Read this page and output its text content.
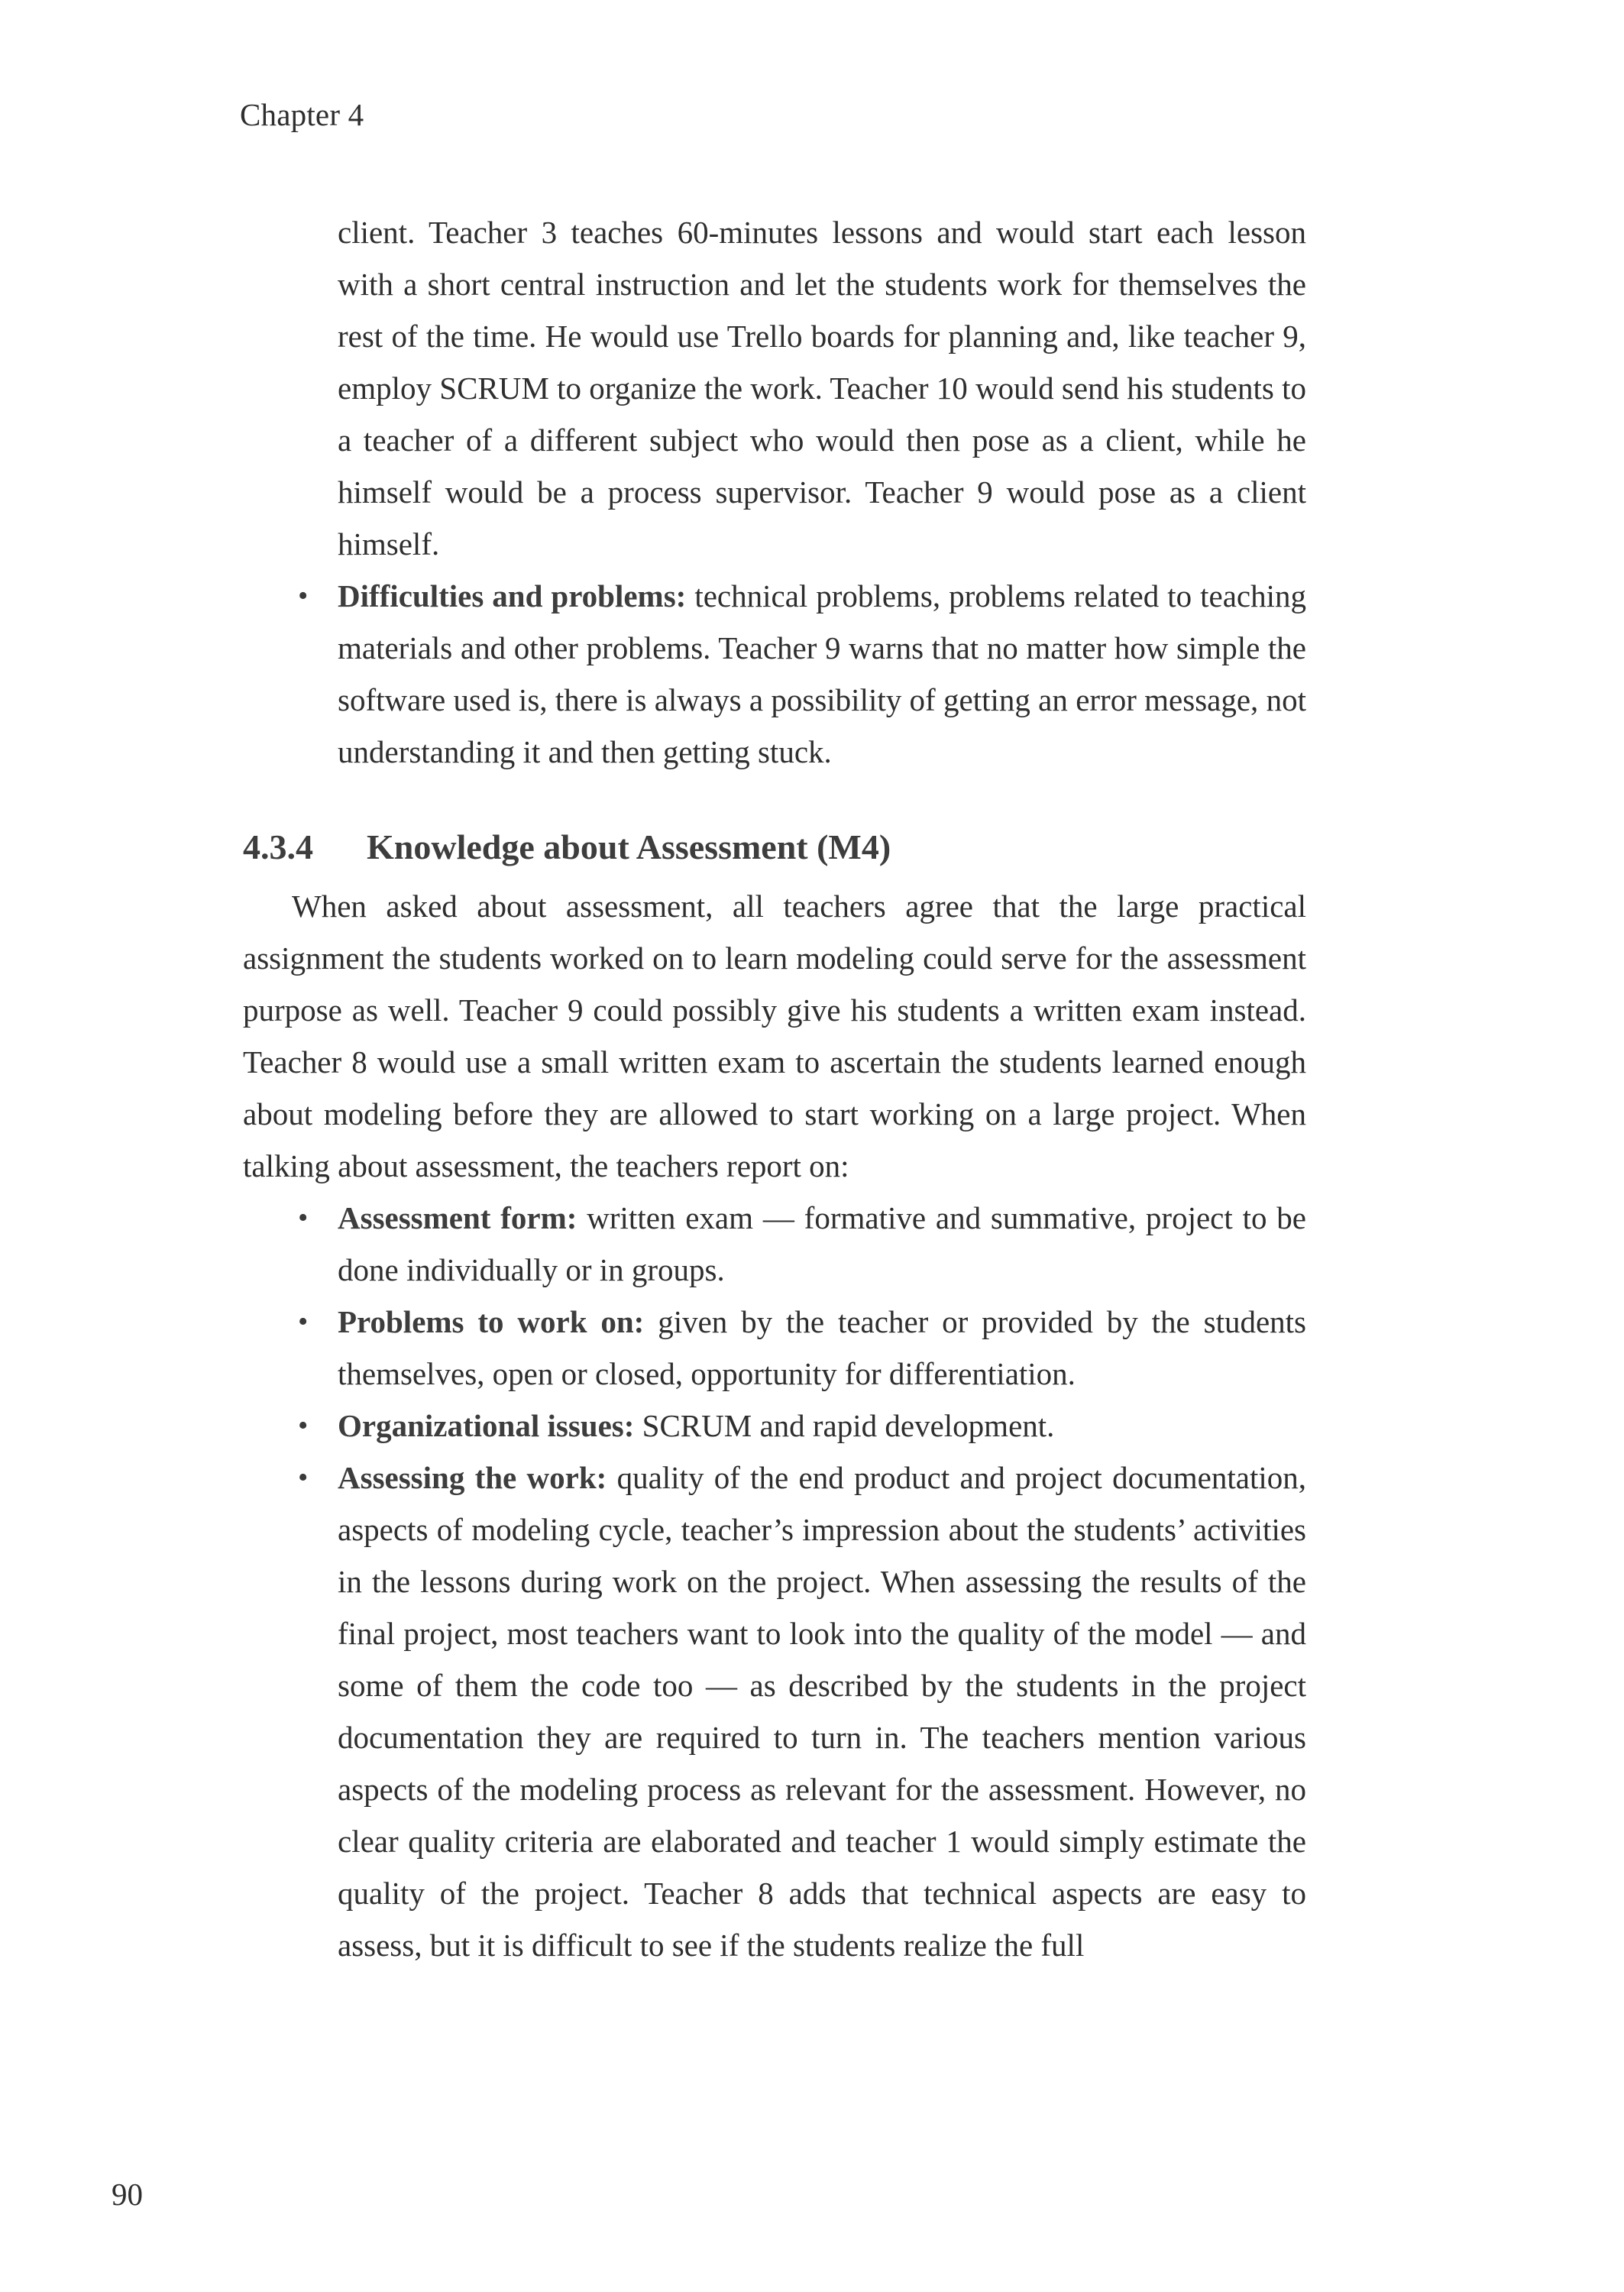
Chapter 4

client. Teacher 3 teaches 60-minutes lessons and would start each lesson with a short central instruction and let the students work for themselves the rest of the time. He would use Trello boards for planning and, like teacher 9, employ SCRUM to organize the work. Teacher 10 would send his students to a teacher of a different subject who would then pose as a client, while he himself would be a process supervisor. Teacher 9 would pose as a client himself.

• Difficulties and problems: technical problems, problems related to teaching materials and other problems. Teacher 9 warns that no matter how simple the software used is, there is always a possibility of getting an error message, not understanding it and then getting stuck.
4.3.4 Knowledge about Assessment (M4)

When asked about assessment, all teachers agree that the large practical assignment the students worked on to learn modeling could serve for the assessment purpose as well. Teacher 9 could possibly give his students a written exam instead. Teacher 8 would use a small written exam to ascertain the students learned enough about modeling before they are allowed to start working on a large project. When talking about assessment, the teachers report on:

• Assessment form: written exam — formative and summative, project to be done individually or in groups.
• Problems to work on: given by the teacher or provided by the students themselves, open or closed, opportunity for differentiation.
• Organizational issues: SCRUM and rapid development.
• Assessing the work: quality of the end product and project documentation, aspects of modeling cycle, teacher’s impression about the students’ activities in the lessons during work on the project. When assessing the results of the final project, most teachers want to look into the quality of the model — and some of them the code too — as described by the students in the project documentation they are required to turn in. The teachers mention various aspects of the modeling process as relevant for the assessment. However, no clear quality criteria are elaborated and teacher 1 would simply estimate the quality of the project. Teacher 8 adds that technical aspects are easy to assess, but it is difficult to see if the students realize the full
90
